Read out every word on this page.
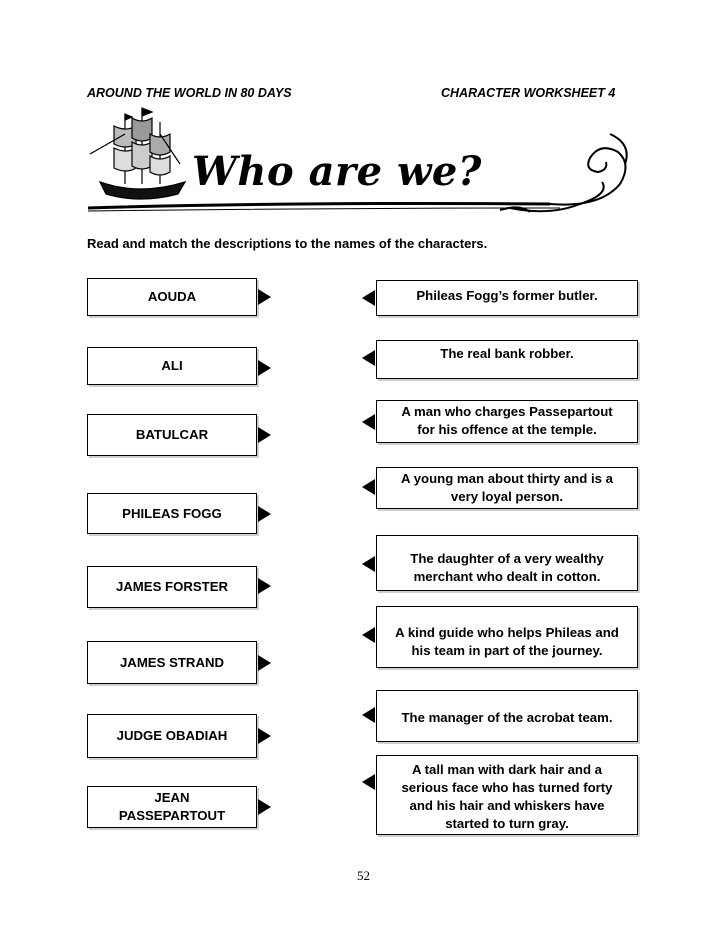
AROUND THE WORLD IN 80 DAYS	CHARACTER WORKSHEET 4
Who are we?
Read and match the descriptions to the names of the characters.
AOUDA
ALI
BATULCAR
PHILEAS FOGG
JAMES FORSTER
JAMES STRAND
JUDGE OBADIAH
JEAN
PASSEPARTOUT
Phileas Fogg’s former butler.
The real bank robber.
A man who charges Passepartout
for his offence at the temple.
A young man about thirty and is a
very loyal person.
The daughter of a very wealthy
merchant who dealt in cotton.
A kind guide who helps Phileas and
his team in part of the journey.
The manager of the acrobat team.
A tall man with dark hair and a
serious face who has turned forty
and his hair and whiskers have
started to turn gray.
52
